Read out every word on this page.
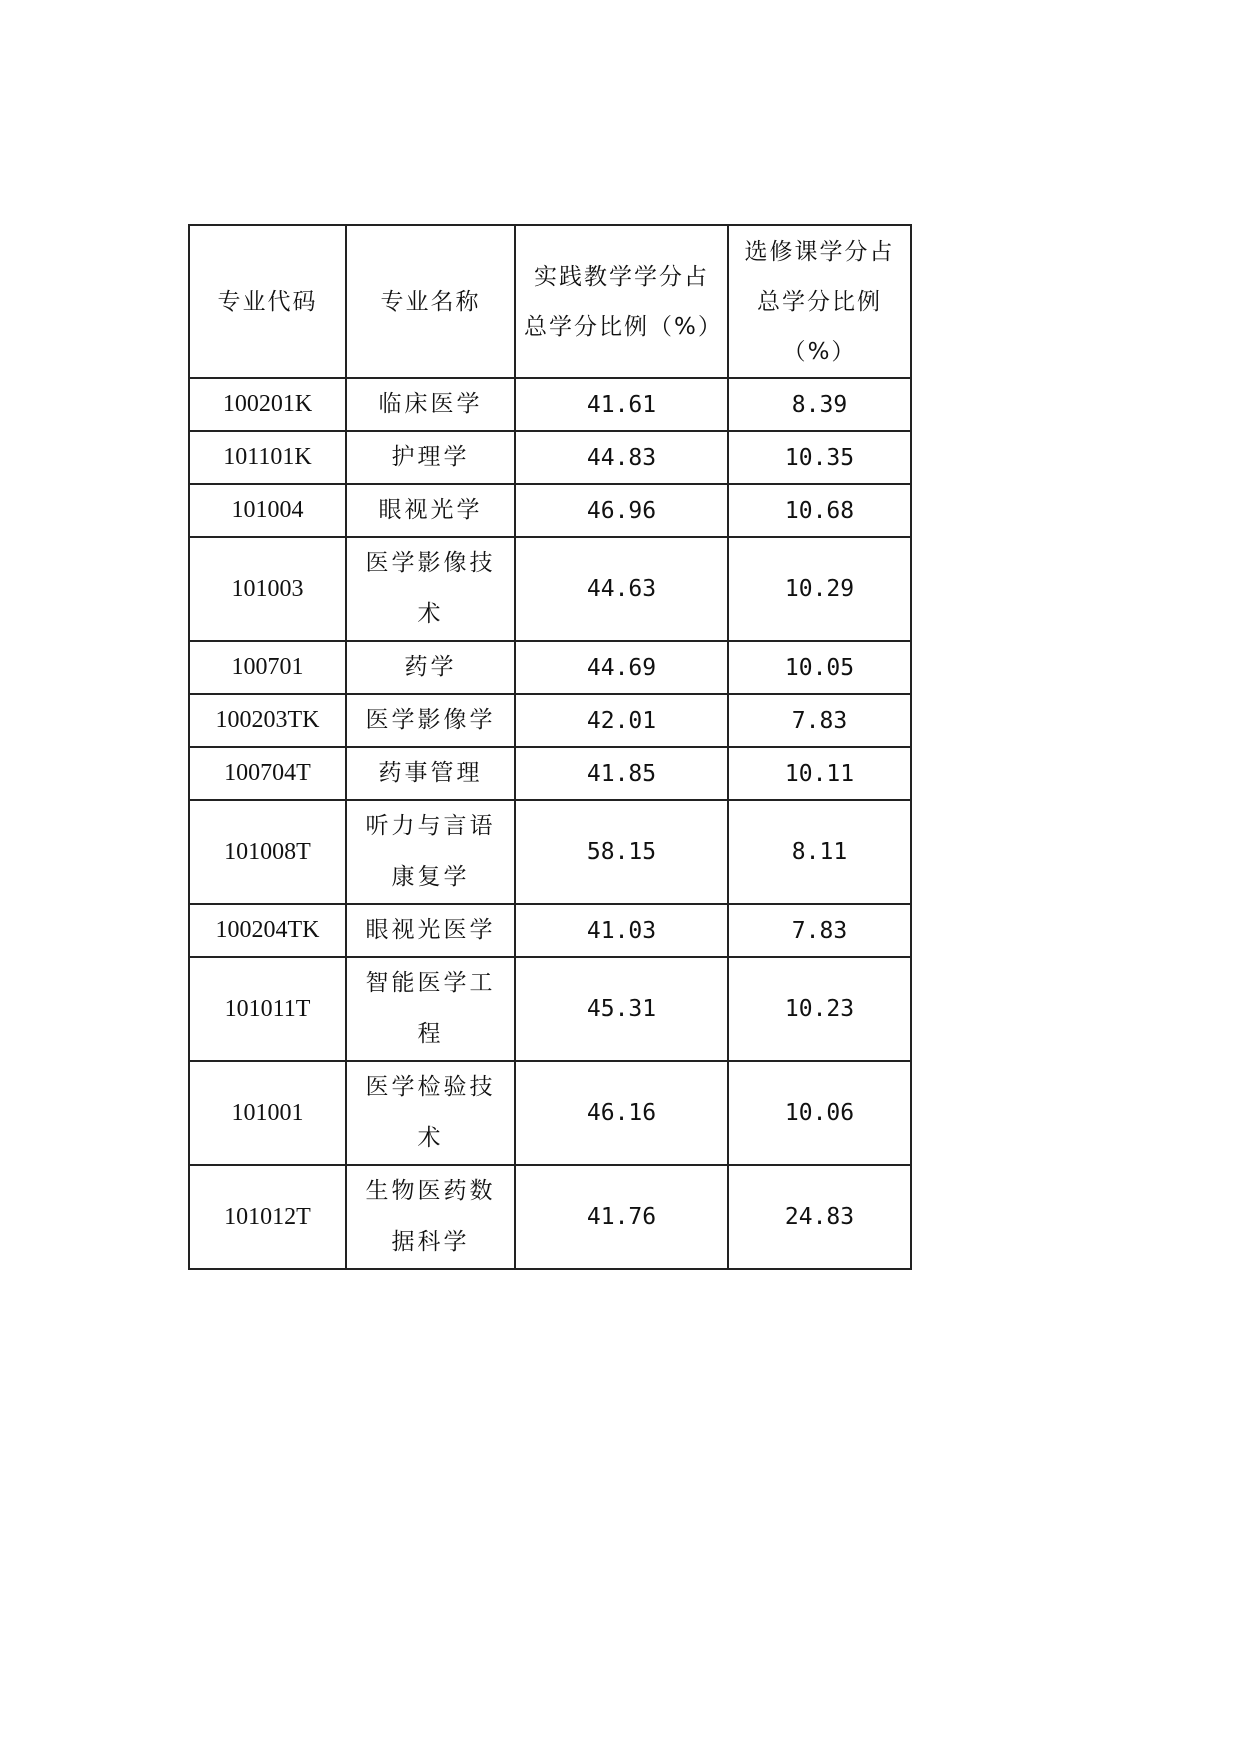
专业代码	专业名称	实践教学学分占总学分比例（%）	选修课学分占总学分比例（%）
100201K	临床医学	41.61	8.39
101101K	护理学	44.83	10.35
101004	眼视光学	46.96	10.68
101003	医学影像技术	44.63	10.29
100701	药学	44.69	10.05
100203TK	医学影像学	42.01	7.83
100704T	药事管理	41.85	10.11
101008T	听力与言语康复学	58.15	8.11
100204TK	眼视光医学	41.03	7.83
101011T	智能医学工程	45.31	10.23
101001	医学检验技术	46.16	10.06
101012T	生物医药数据科学	41.76	24.83
